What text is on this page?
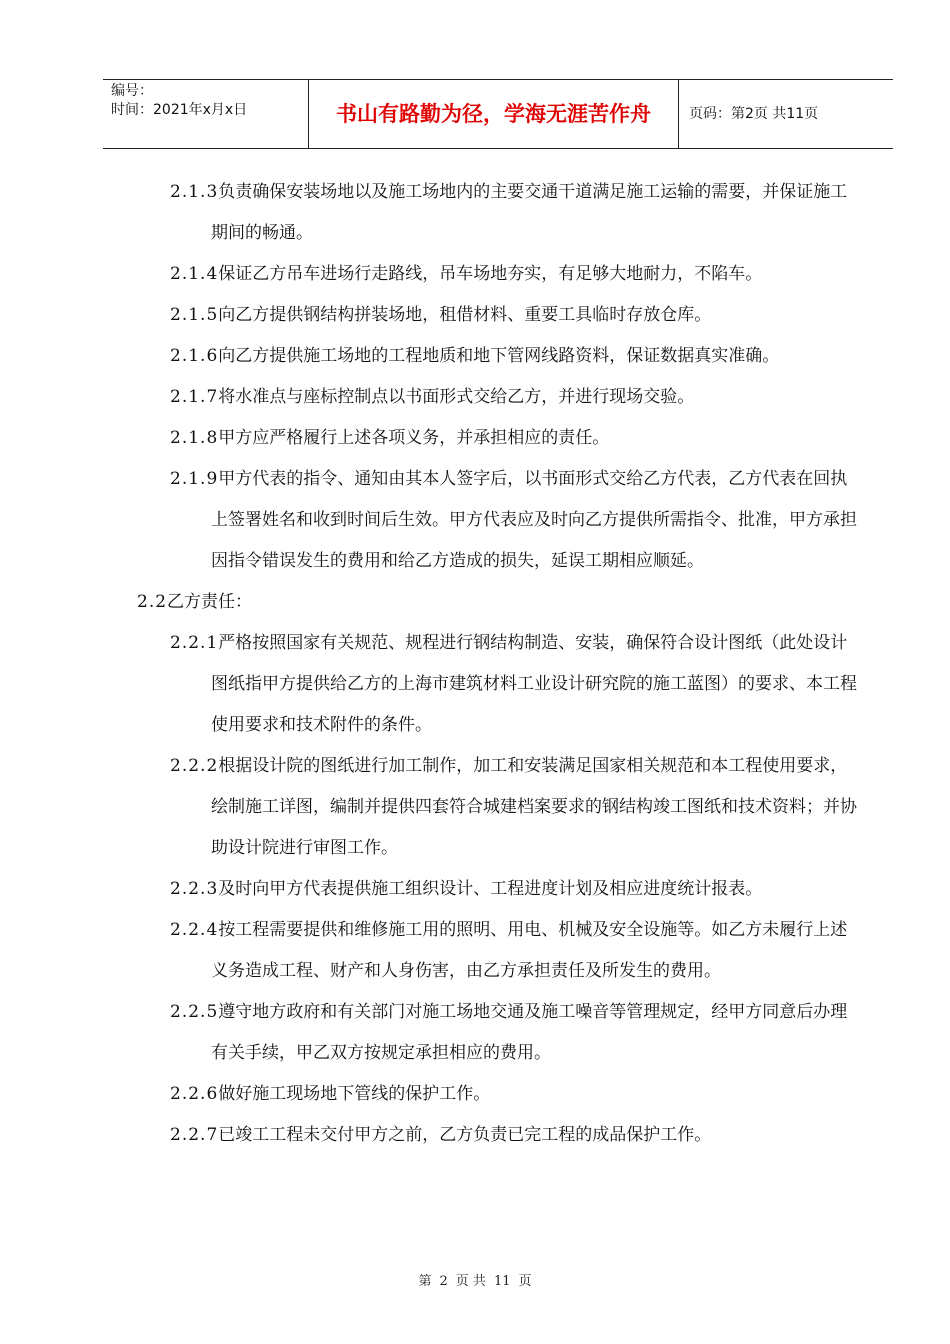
编号：
时间：2021年x月x日	书山有路勤为径，学海无涯苦作舟	页码：第2页 共11页

2.1.3负责确保安装场地以及施工场地内的主要交通干道满足施工运输的需要，并保证施工期间的畅通。

2.1.4保证乙方吊车进场行走路线，吊车场地夯实，有足够大地耐力，不陷车。

2.1.5向乙方提供钢结构拼装场地，租借材料、重要工具临时存放仓库。

2.1.6向乙方提供施工场地的工程地质和地下管网线路资料，保证数据真实准确。

2.1.7将水准点与座标控制点以书面形式交给乙方，并进行现场交验。

2.1.8甲方应严格履行上述各项义务，并承担相应的责任。

2.1.9甲方代表的指令、通知由其本人签字后，以书面形式交给乙方代表，乙方代表在回执上签署姓名和收到时间后生效。甲方代表应及时向乙方提供所需指令、批准，甲方承担因指令错误发生的费用和给乙方造成的损失，延误工期相应顺延。

2.2乙方责任：

2.2.1严格按照国家有关规范、规程进行钢结构制造、安装，确保符合设计图纸（此处设计图纸指甲方提供给乙方的上海市建筑材料工业设计研究院的施工蓝图）的要求、本工程使用要求和技术附件的条件。

2.2.2根据设计院的图纸进行加工制作，加工和安装满足国家相关规范和本工程使用要求，绘制施工详图，编制并提供四套符合城建档案要求的钢结构竣工图纸和技术资料；并协助设计院进行审图工作。

2.2.3及时向甲方代表提供施工组织设计、工程进度计划及相应进度统计报表。

2.2.4按工程需要提供和维修施工用的照明、用电、机械及安全设施等。如乙方未履行上述义务造成工程、财产和人身伤害，由乙方承担责任及所发生的费用。

2.2.5遵守地方政府和有关部门对施工场地交通及施工噪音等管理规定，经甲方同意后办理有关手续，甲乙双方按规定承担相应的费用。

2.2.6做好施工现场地下管线的保护工作。

2.2.7已竣工工程未交付甲方之前，乙方负责已完工程的成品保护工作。

第 2 页 共 11 页
